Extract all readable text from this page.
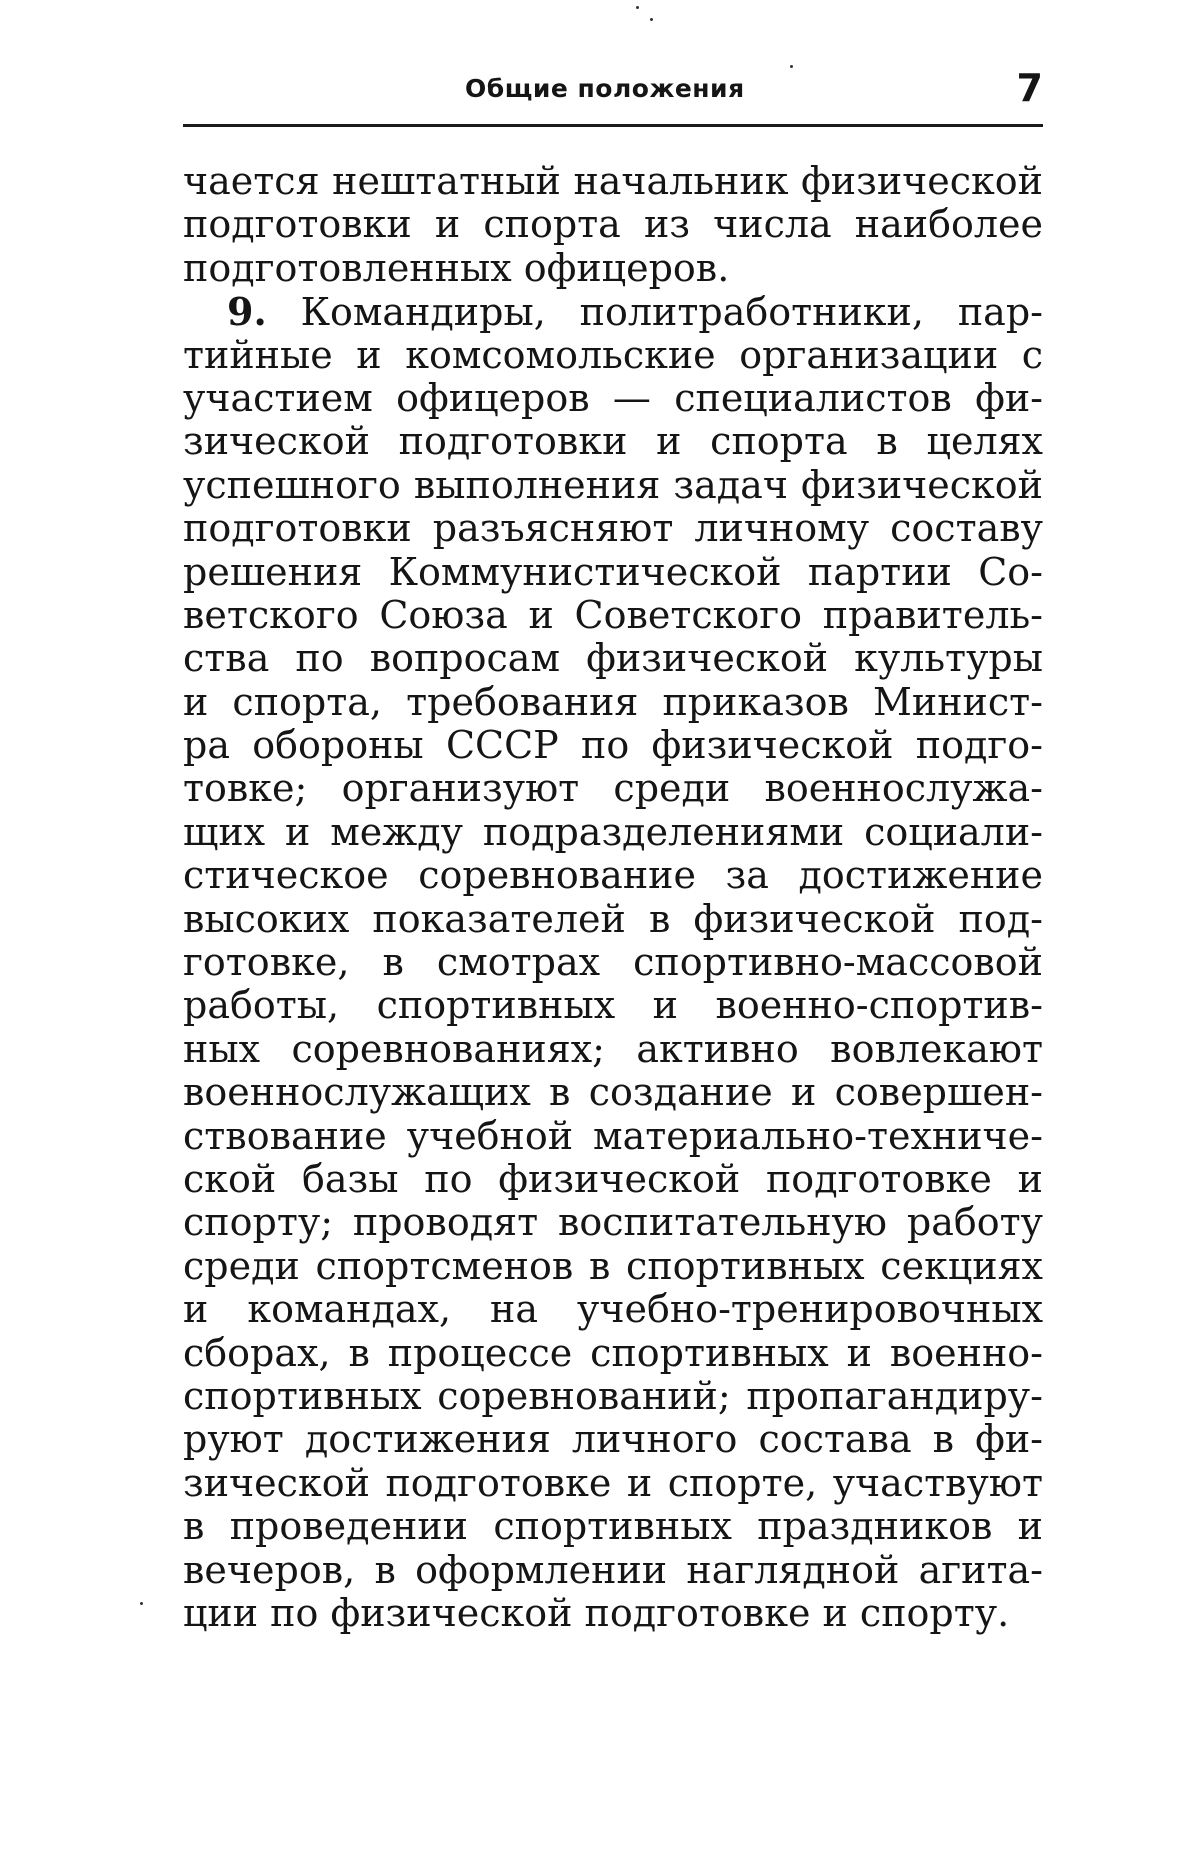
Общие положения	7
чается нештатный начальник физической
подготовки и спорта из числа наиболее
подготовленных офицеров.
9. Командиры, политработники, пар-
тийные и комсомольские организации с
участием офицеров — специалистов фи-
зической подготовки и спорта в целях
успешного выполнения задач физической
подготовки разъясняют личному составу
решения Коммунистической партии Со-
ветского Союза и Советского правитель-
ства по вопросам физической культуры
и спорта, требования приказов Минист-
ра обороны СССР по физической подго-
товке; организуют среди военнослужа-
щих и между подразделениями социали-
стическое соревнование за достижение
высоких показателей в физической под-
готовке, в смотрах спортивно-массовой
работы, спортивных и военно-спортив-
ных соревнованиях; активно вовлекают
военнослужащих в создание и совершен-
ствование учебной материально-техниче-
ской базы по физической подготовке и
спорту; проводят воспитательную работу
среди спортсменов в спортивных секциях
и командах, на учебно-тренировочных
сборах, в процессе спортивных и военно-
спортивных соревнований; пропагандиру-
руют достижения личного состава в фи-
зической подготовке и спорте, участвуют
в проведении спортивных праздников и
вечеров, в оформлении наглядной агита-
ции по физической подготовке и спорту.
